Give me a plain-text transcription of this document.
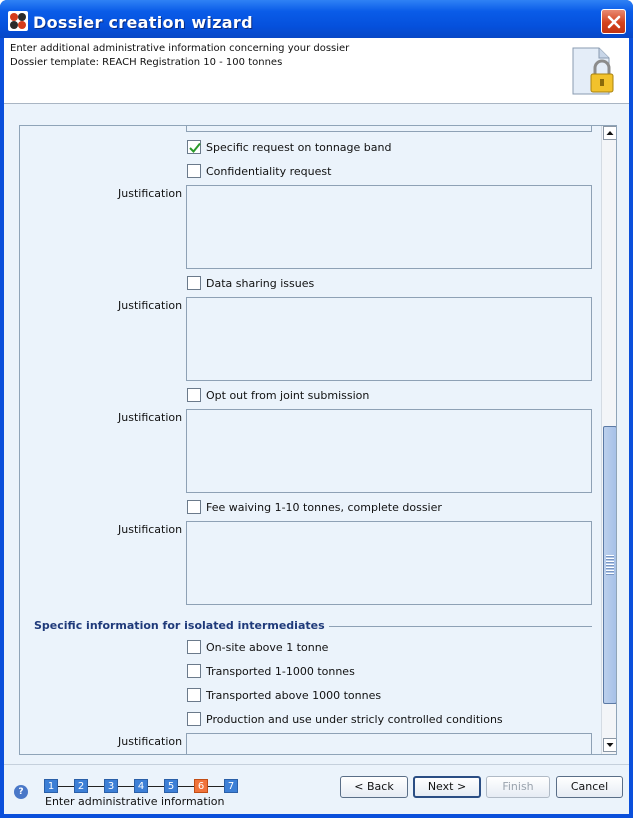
Dossier creation wizard
Enter additional administrative information concerning your dossier
Dossier template: REACH Registration 10 - 100 tonnes
Specific request on tonnage band
Confidentiality request
Justification
Data sharing issues
Justification
Opt out from joint submission
Justification
Fee waiving 1-10 tonnes, complete dossier
Justification
Specific information for isolated intermediates
On-site above 1 tonne
Transported 1-1000 tonnes
Transported above 1000 tonnes
Production and use under stricly controlled conditions
Justification
?	1	2	3	4	5	6	7
Enter administrative information
< Back	Next >	Finish	Cancel
